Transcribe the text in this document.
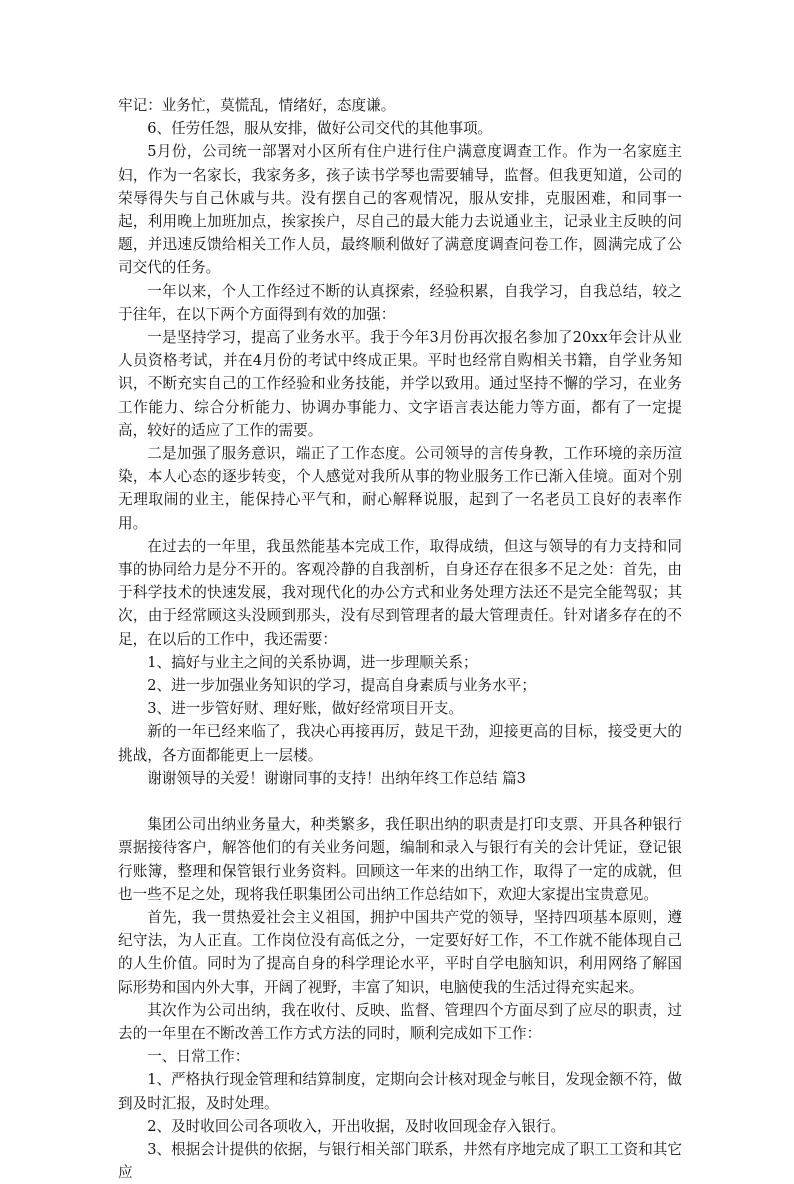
牢记：业务忙，莫慌乱，情绪好，态度谦。

6、任劳任怨，服从安排，做好公司交代的其他事项。

5月份，公司统一部署对小区所有住户进行住户满意度调查工作。作为一名家庭主妇，作为一名家长，我家务多，孩子读书学琴也需要辅导，监督。但我更知道，公司的荣辱得失与自己休戚与共。没有摆自己的客观情况，服从安排，克服困难，和同事一起，利用晚上加班加点，挨家挨户，尽自己的最大能力去说通业主，记录业主反映的问题，并迅速反馈给相关工作人员，最终顺利做好了满意度调查问卷工作，圆满完成了公司交代的任务。

一年以来，个人工作经过不断的认真探索，经验积累，自我学习，自我总结，较之于往年，在以下两个方面得到有效的加强：

一是坚持学习，提高了业务水平。我于今年3月份再次报名参加了20xx年会计从业人员资格考试，并在4月份的考试中终成正果。平时也经常自购相关书籍，自学业务知识，不断充实自己的工作经验和业务技能，并学以致用。通过坚持不懈的学习，在业务工作能力、综合分析能力、协调办事能力、文字语言表达能力等方面，都有了一定提高，较好的适应了工作的需要。

二是加强了服务意识，端正了工作态度。公司领导的言传身教，工作环境的亲历渲染，本人心态的逐步转变，个人感觉对我所从事的物业服务工作已渐入佳境。面对个别无理取闹的业主，能保持心平气和，耐心解释说服，起到了一名老员工良好的表率作用。

在过去的一年里，我虽然能基本完成工作，取得成绩，但这与领导的有力支持和同事的协同给力是分不开的。客观冷静的自我剖析，自身还存在很多不足之处：首先，由于科学技术的快速发展，我对现代化的办公方式和业务处理方法还不是完全能驾驭；其次，由于经常顾这头没顾到那头，没有尽到管理者的最大管理责任。针对诸多存在的不足，在以后的工作中，我还需要：

1、搞好与业主之间的关系协调，进一步理顺关系；

2、进一步加强业务知识的学习，提高自身素质与业务水平；

3、进一步管好财、理好账，做好经常项目开支。

新的一年已经来临了，我决心再接再厉，鼓足干劲，迎接更高的目标，接受更大的挑战，各方面都能更上一层楼。

谢谢领导的关爱！谢谢同事的支持！出纳年终工作总结 篇3

集团公司出纳业务量大，种类繁多，我任职出纳的职责是打印支票、开具各种银行票据接待客户，解答他们的有关业务问题，编制和录入与银行有关的会计凭证，登记银行账簿，整理和保管银行业务资料。回顾这一年来的出纳工作，取得了一定的成就，但也一些不足之处，现将我任职集团公司出纳工作总结如下，欢迎大家提出宝贵意见。

首先，我一贯热爱社会主义祖国，拥护中国共产党的领导，坚持四项基本原则，遵纪守法，为人正直。工作岗位没有高低之分，一定要好好工作，不工作就不能体现自己的人生价值。同时为了提高自身的科学理论水平，平时自学电脑知识，利用网络了解国际形势和国内外大事，开阔了视野，丰富了知识，电脑使我的生活过得充实起来。

其次作为公司出纳，我在收付、反映、监督、管理四个方面尽到了应尽的职责，过去的一年里在不断改善工作方式方法的同时，顺利完成如下工作：

一、日常工作：

1、严格执行现金管理和结算制度，定期向会计核对现金与帐目，发现金额不符，做到及时汇报，及时处理。

2、及时收回公司各项收入，开出收据，及时收回现金存入银行。

3、根据会计提供的依据，与银行相关部门联系，井然有序地完成了职工工资和其它应
